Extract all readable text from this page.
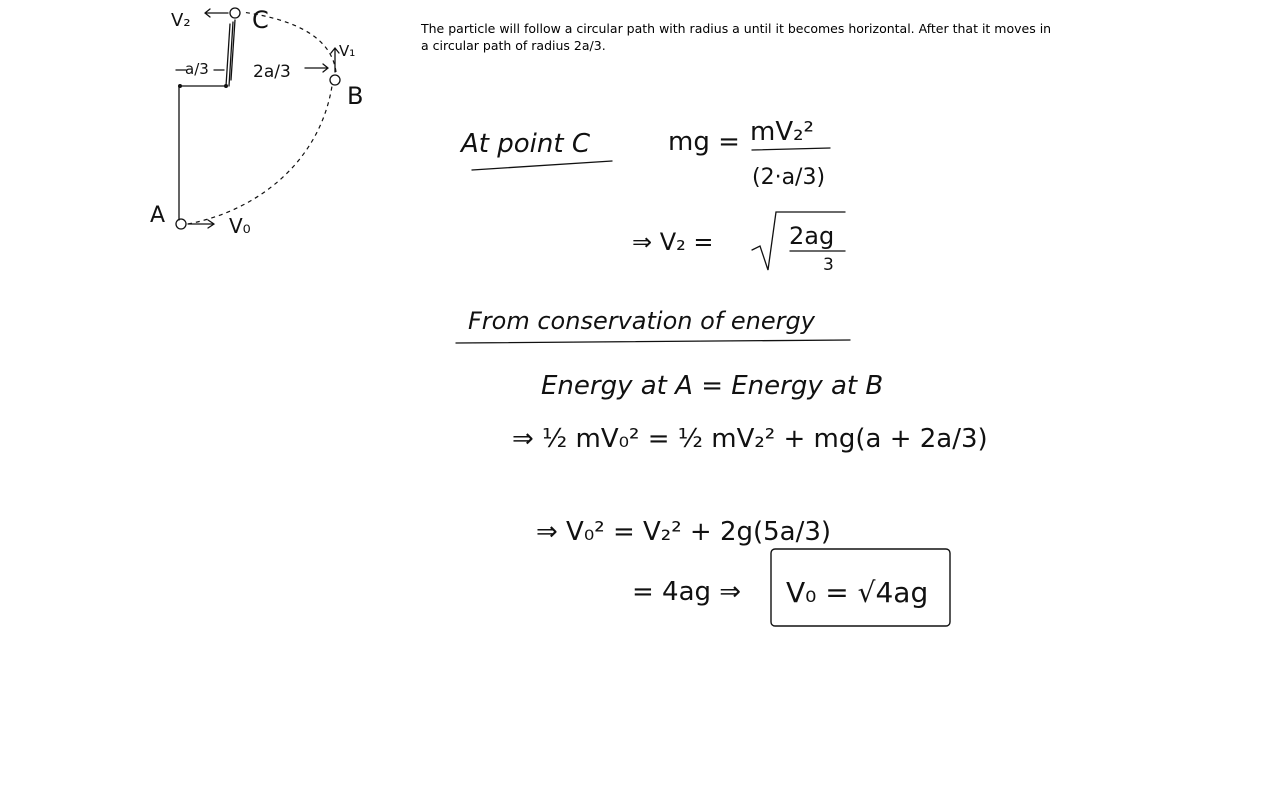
The particle will follow a circular path with radius a until it becomes horizontal. After that it moves in a circular path of radius 2a/3.
V₂	C
V₁
B
A	V₀
a/3	2a/3
At point C	mg = mV₂²
(2·a/3)
⇒ V₂ =	2ag
3
From conservation of energy
Energy at A = Energy at B
⇒ ½ mV₀² = ½ mV₂² + mg(a + 2a/3)
⇒ V₀² = V₂² + 2g(5a/3)
= 4ag ⇒ V₀ = √4ag
